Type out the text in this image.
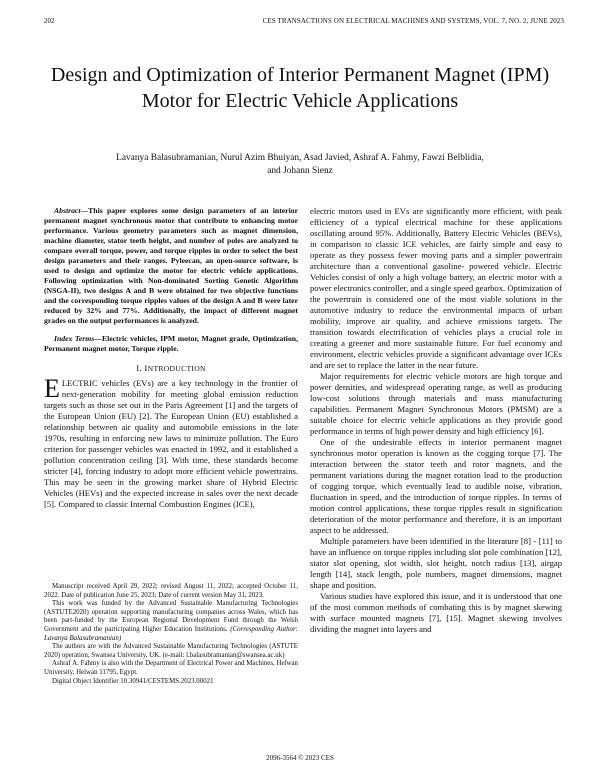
202	CES TRANSACTIONS ON ELECTRICAL MACHINES AND SYSTEMS, VOL. 7, NO. 2, JUNE 2023
Design and Optimization of Interior Permanent Magnet (IPM) Motor for Electric Vehicle Applications
Lavanya Balasubramanian, Nurul Azim Bhuiyan, Asad Javied, Ashraf A. Fahmy, Fawzi Belblidia,
and Johann Sienz

Abstract—This paper explores some design parameters of an interior permanent magnet synchronous motor that contribute to enhancing motor performance. Various geometry parameters such as magnet dimension, machine diameter, stator teeth height, and number of poles are analyzed to compare overall torque, power, and torque ripples in order to select the best design parameters and their ranges. Pyleecan, an open-source software, is used to design and optimize the motor for electric vehicle applications. Following optimization with Non-dominated Sorting Genetic Algorithm (NSGA-II), two designs A and B were obtained for two objective functions and the corresponding torque ripples values of the design A and B were later reduced by 32% and 77%. Additionally, the impact of different magnet grades on the output performances is analyzed.

Index Terms—Electric vehicles, IPM motor, Magnet grade, Optimization, Permanent magnet motor, Torque ripple.

I. INTRODUCTION

ELECTRIC vehicles (EVs) are a key technology in the frontier of next-generation mobility for meeting global emission reduction targets such as those set out in the Paris Agreement [1] and the targets of the European Union (EU) [2]. The European Union (EU) established a relationship between air quality and automobile emissions in the late 1970s, resulting in enforcing new laws to minimize pollution. The Euro criterion for passenger vehicles was enacted in 1992, and it established a pollution concentration ceiling [3]. With time, these standards become stricter [4], forcing industry to adopt more efficient vehicle powertrains. This may be seen in the growing market share of Hybrid Electric Vehicles (HEVs) and the expected increase in sales over the next decade [5]. Compared to classic Internal Combustion Engines (ICE),

Manuscript received April 29, 2022; revised August 11, 2022; accepted October 11, 2022. Date of publication June 25, 2023; Date of current version May 31, 2023.

This work was funded by the Advanced Sustainable Manufacturing Technologies (ASTUTE2020) operation supporting manufacturing companies across Wales, which has been part-funded by the European Regional Development Fund through the Welsh Government and the participating Higher Education Institutions. (Corresponding Author: Lavanya Balasubramanian)

The authors are with the Advanced Sustainable Manufacturing Technologies (ASTUTE 2020) operation, Swansea University, UK. (e-mail: l.balasubramanian@swansea.ac.uk)

Ashraf A. Fahmy is also with the Department of Electrical Power and Machines, Helwan University, Helwan 11795, Egypt.

Digital Object Identifier 10.30941/CESTEMS.2023.00021

electric motors used in EVs are significantly more efficient, with peak efficiency of a typical electrical machine for these applications oscillating around 95%. Additionally, Battery Electric Vehicles (BEVs), in comparison to classic ICE vehicles, are fairly simple and easy to operate as they possess fewer moving parts and a simpler powertrain architecture than a conventional gasoline- powered vehicle. Electric Vehicles consist of only a high voltage battery, an electric motor with a power electronics controller, and a single speed gearbox. Optimization of the powertrain is considered one of the most viable solutions in the automotive industry to reduce the environmental impacts of urban mobility, improve air quality, and achieve emissions targets. The transition towards electrification of vehicles plays a crucial role in creating a greener and more sustainable future. For fuel economy and environment, electric vehicles provide a significant advantage over ICEs and are set to replace the latter in the near future.

Major requirements for electric vehicle motors are high torque and power densities, and widespread operating range, as well as producing low-cost solutions through materials and mass manufacturing capabilities. Permanent Magnet Synchronous Motors (PMSM) are a suitable choice for electric vehicle applications as they provide good performance in terms of high power density and high efficiency [6].

One of the undesirable effects in interior permanent magnet synchronous motor operation is known as the cogging torque [7]. The interaction between the stator teeth and rotor magnets, and the permanent variations during the magnet rotation lead to the production of cogging torque, which eventually lead to audible noise, vibration, fluctuation in speed, and the introduction of torque ripples. In terms of motion control applications, these torque ripples result in signification deterioration of the motor performance and therefore, it is an important aspect to be addressed.

Multiple parameters have been identified in the literature [8] - [11] to have an influence on torque ripples including slot pole combination [12], stator slot opening, slot width, slot height, notch radius [13], airgap length [14], stack length, pole numbers, magnet dimensions, magnet shape and position.

Various studies have explored this issue, and it is understood that one of the most common methods of combating this is by magnet skewing with surface mounted magnets [7], [15]. Magnet skewing involves dividing the magnet into layers and

2096-3564 © 2023 CES
